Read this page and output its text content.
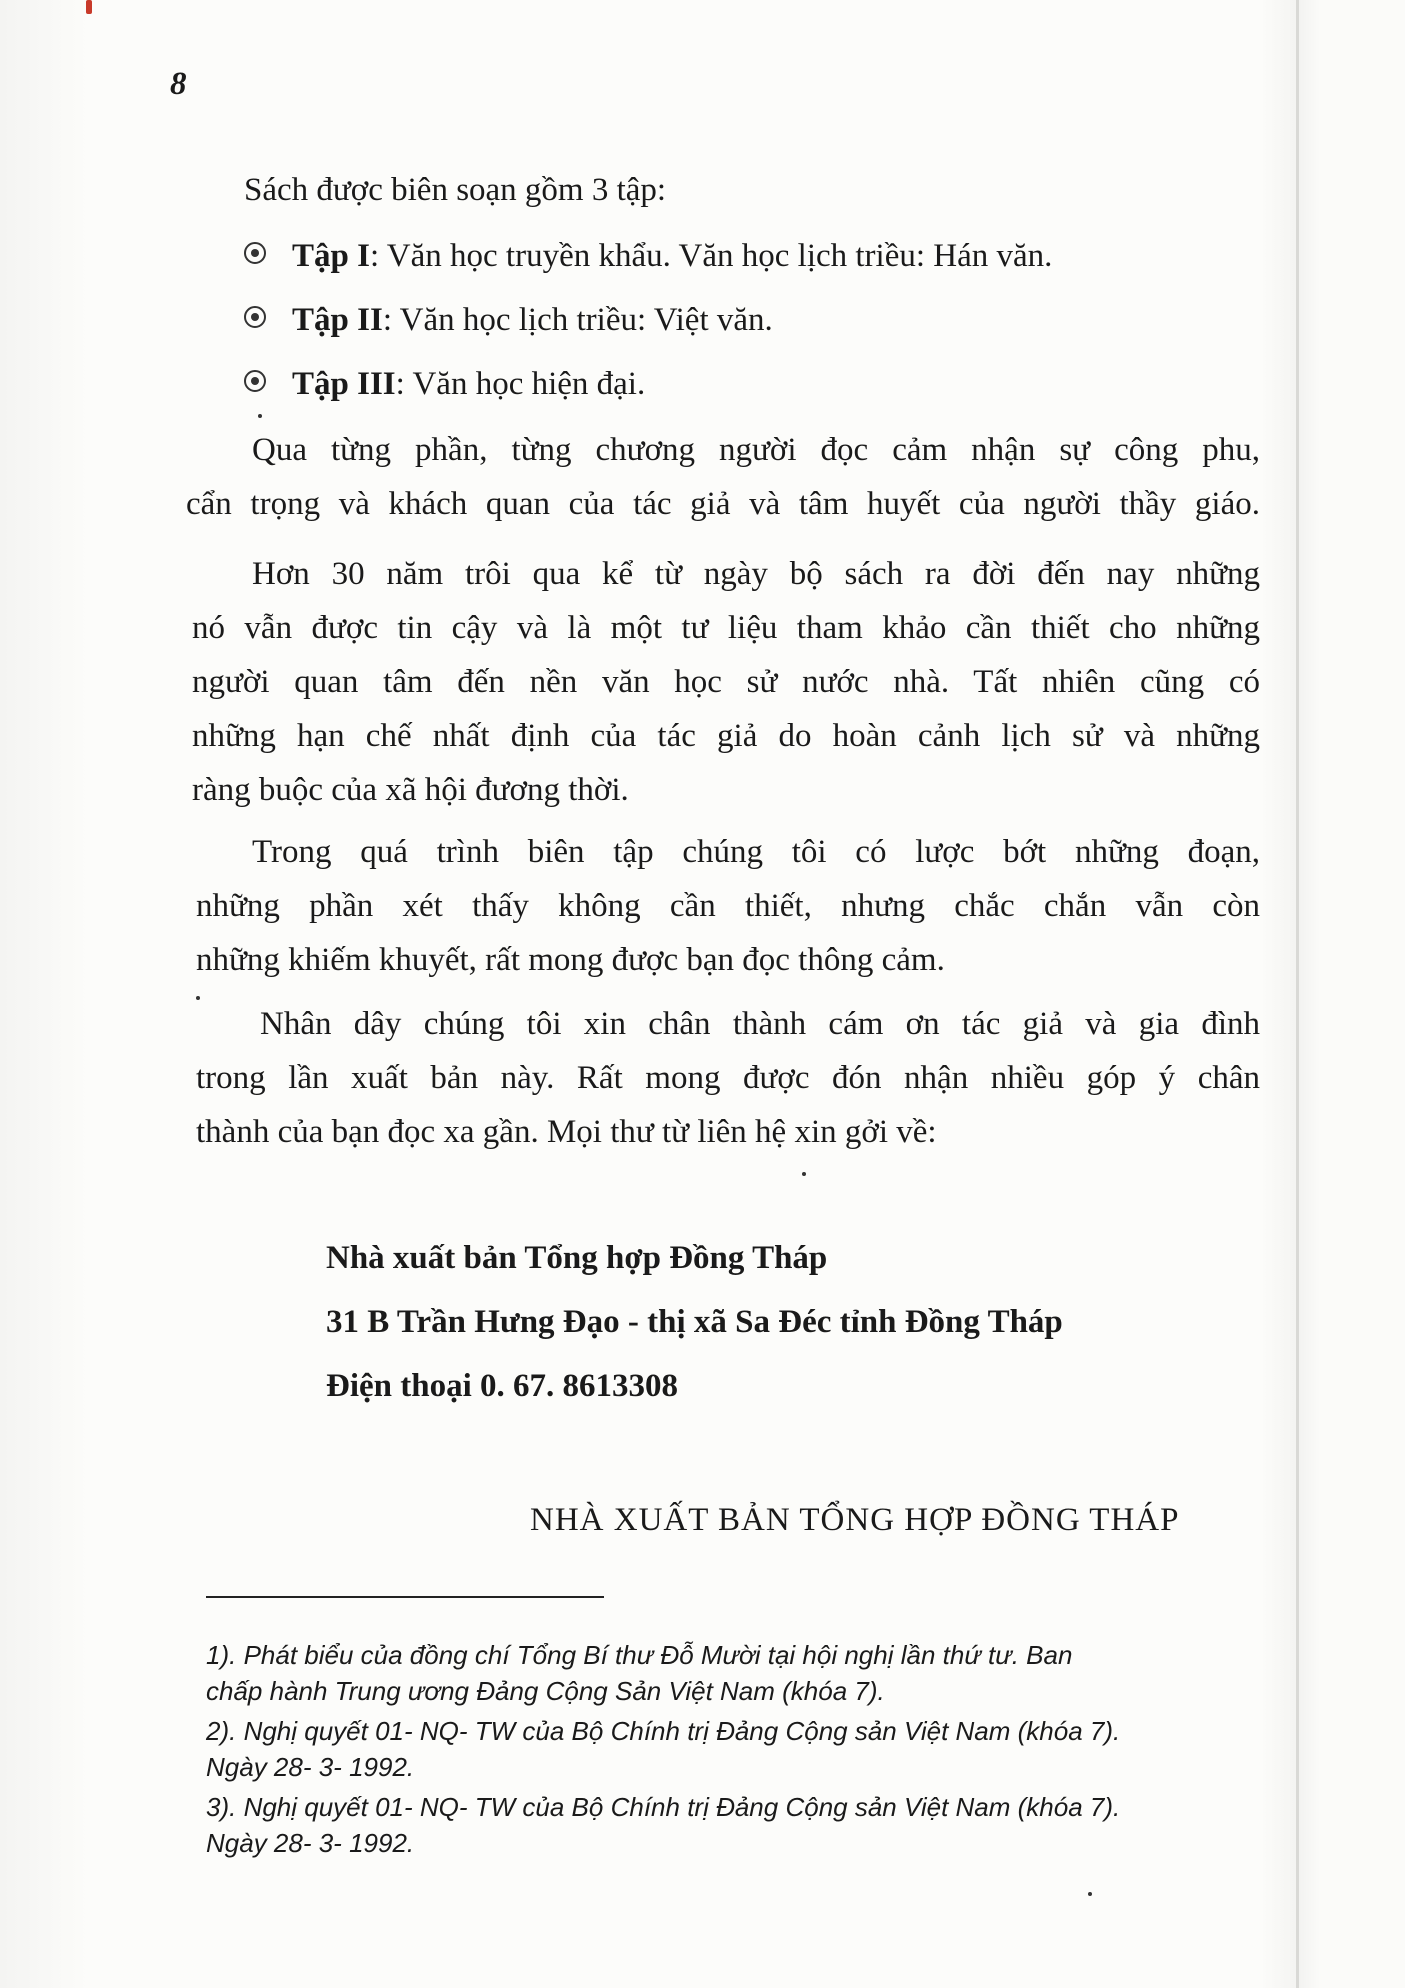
8
Sách được biên soạn gồm 3 tập:
Tập I: Văn học truyền khẩu. Văn học lịch triều: Hán văn.
Tập II: Văn học lịch triều: Việt văn.
Tập III: Văn học hiện đại.
Qua từng phần, từng chương người đọc cảm nhận sự công phu,
cẩn trọng và khách quan của tác giả và tâm huyết của người thầy giáo.
Hơn 30 năm trôi qua kể từ ngày bộ sách ra đời đến nay những
nó vẫn được tin cậy và là một tư liệu tham khảo cần thiết cho những
người quan tâm đến nền văn học sử nước nhà. Tất nhiên cũng có
những hạn chế nhất định của tác giả do hoàn cảnh lịch sử và những
ràng buộc của xã hội đương thời.
Trong quá trình biên tập chúng tôi có lược bớt những đoạn,
những phần xét thấy không cần thiết, nhưng chắc chắn vẫn còn
những khiếm khuyết, rất mong được bạn đọc thông cảm.
Nhân dây chúng tôi xin chân thành cám ơn tác giả và gia đình
trong lần xuất bản này. Rất mong được đón nhận nhiều góp ý chân
thành của bạn đọc xa gần. Mọi thư từ liên hệ xin gởi về:
Nhà xuất bản Tổng hợp Đồng Tháp
31 B Trần Hưng Đạo - thị xã Sa Đéc tỉnh Đồng Tháp
Điện thoại 0. 67. 8613308
NHÀ XUẤT BẢN TỔNG HỢP ĐỒNG THÁP
1). Phát biểu của đồng chí Tổng Bí thư Đỗ Mười tại hội nghị lần thứ tư. Ban
chấp hành Trung ương Đảng Cộng Sản Việt Nam (khóa 7).
2). Nghị quyết 01- NQ- TW của Bộ Chính trị Đảng Cộng sản Việt Nam (khóa 7).
Ngày 28- 3- 1992.
3). Nghị quyết 01- NQ- TW của Bộ Chính trị Đảng Cộng sản Việt Nam (khóa 7).
Ngày 28- 3- 1992.
